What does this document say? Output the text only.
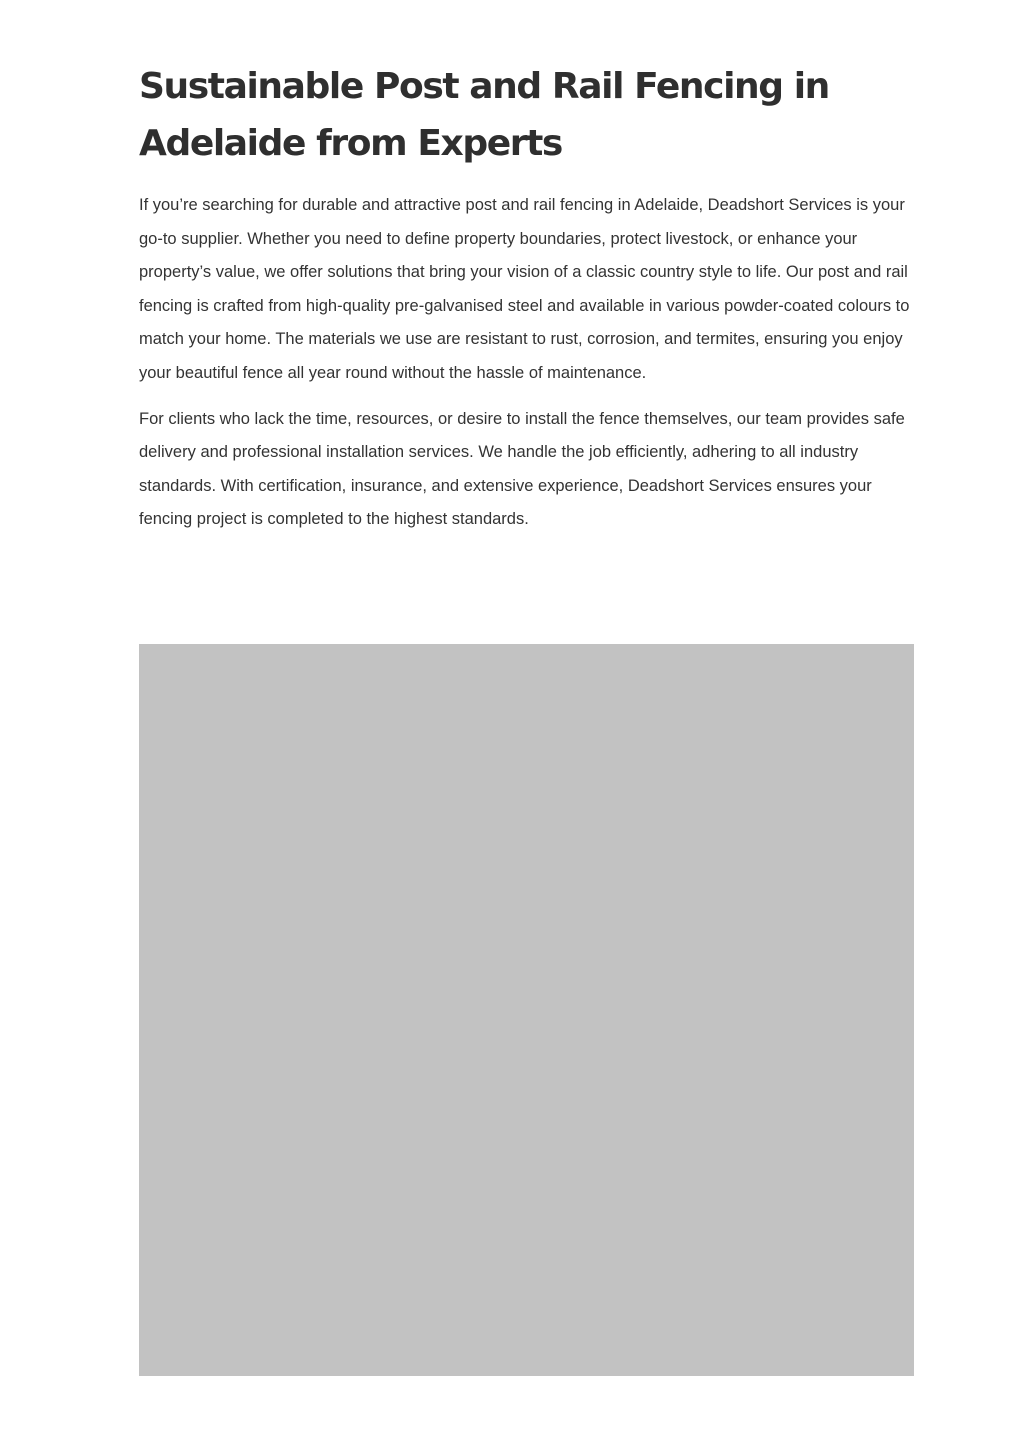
Sustainable Post and Rail Fencing in Adelaide from Experts

If you’re searching for durable and attractive post and rail fencing in Adelaide, Deadshort Services is your go-to supplier. Whether you need to define property boundaries, protect livestock, or enhance your property’s value, we offer solutions that bring your vision of a classic country style to life. Our post and rail fencing is crafted from high-quality pre-galvanised steel and available in various powder-coated colours to match your home. The materials we use are resistant to rust, corrosion, and termites, ensuring you enjoy your beautiful fence all year round without the hassle of maintenance.

For clients who lack the time, resources, or desire to install the fence themselves, our team provides safe delivery and professional installation services. We handle the job efficiently, adhering to all industry standards. With certification, insurance, and extensive experience, Deadshort Services ensures your fencing project is completed to the highest standards.
